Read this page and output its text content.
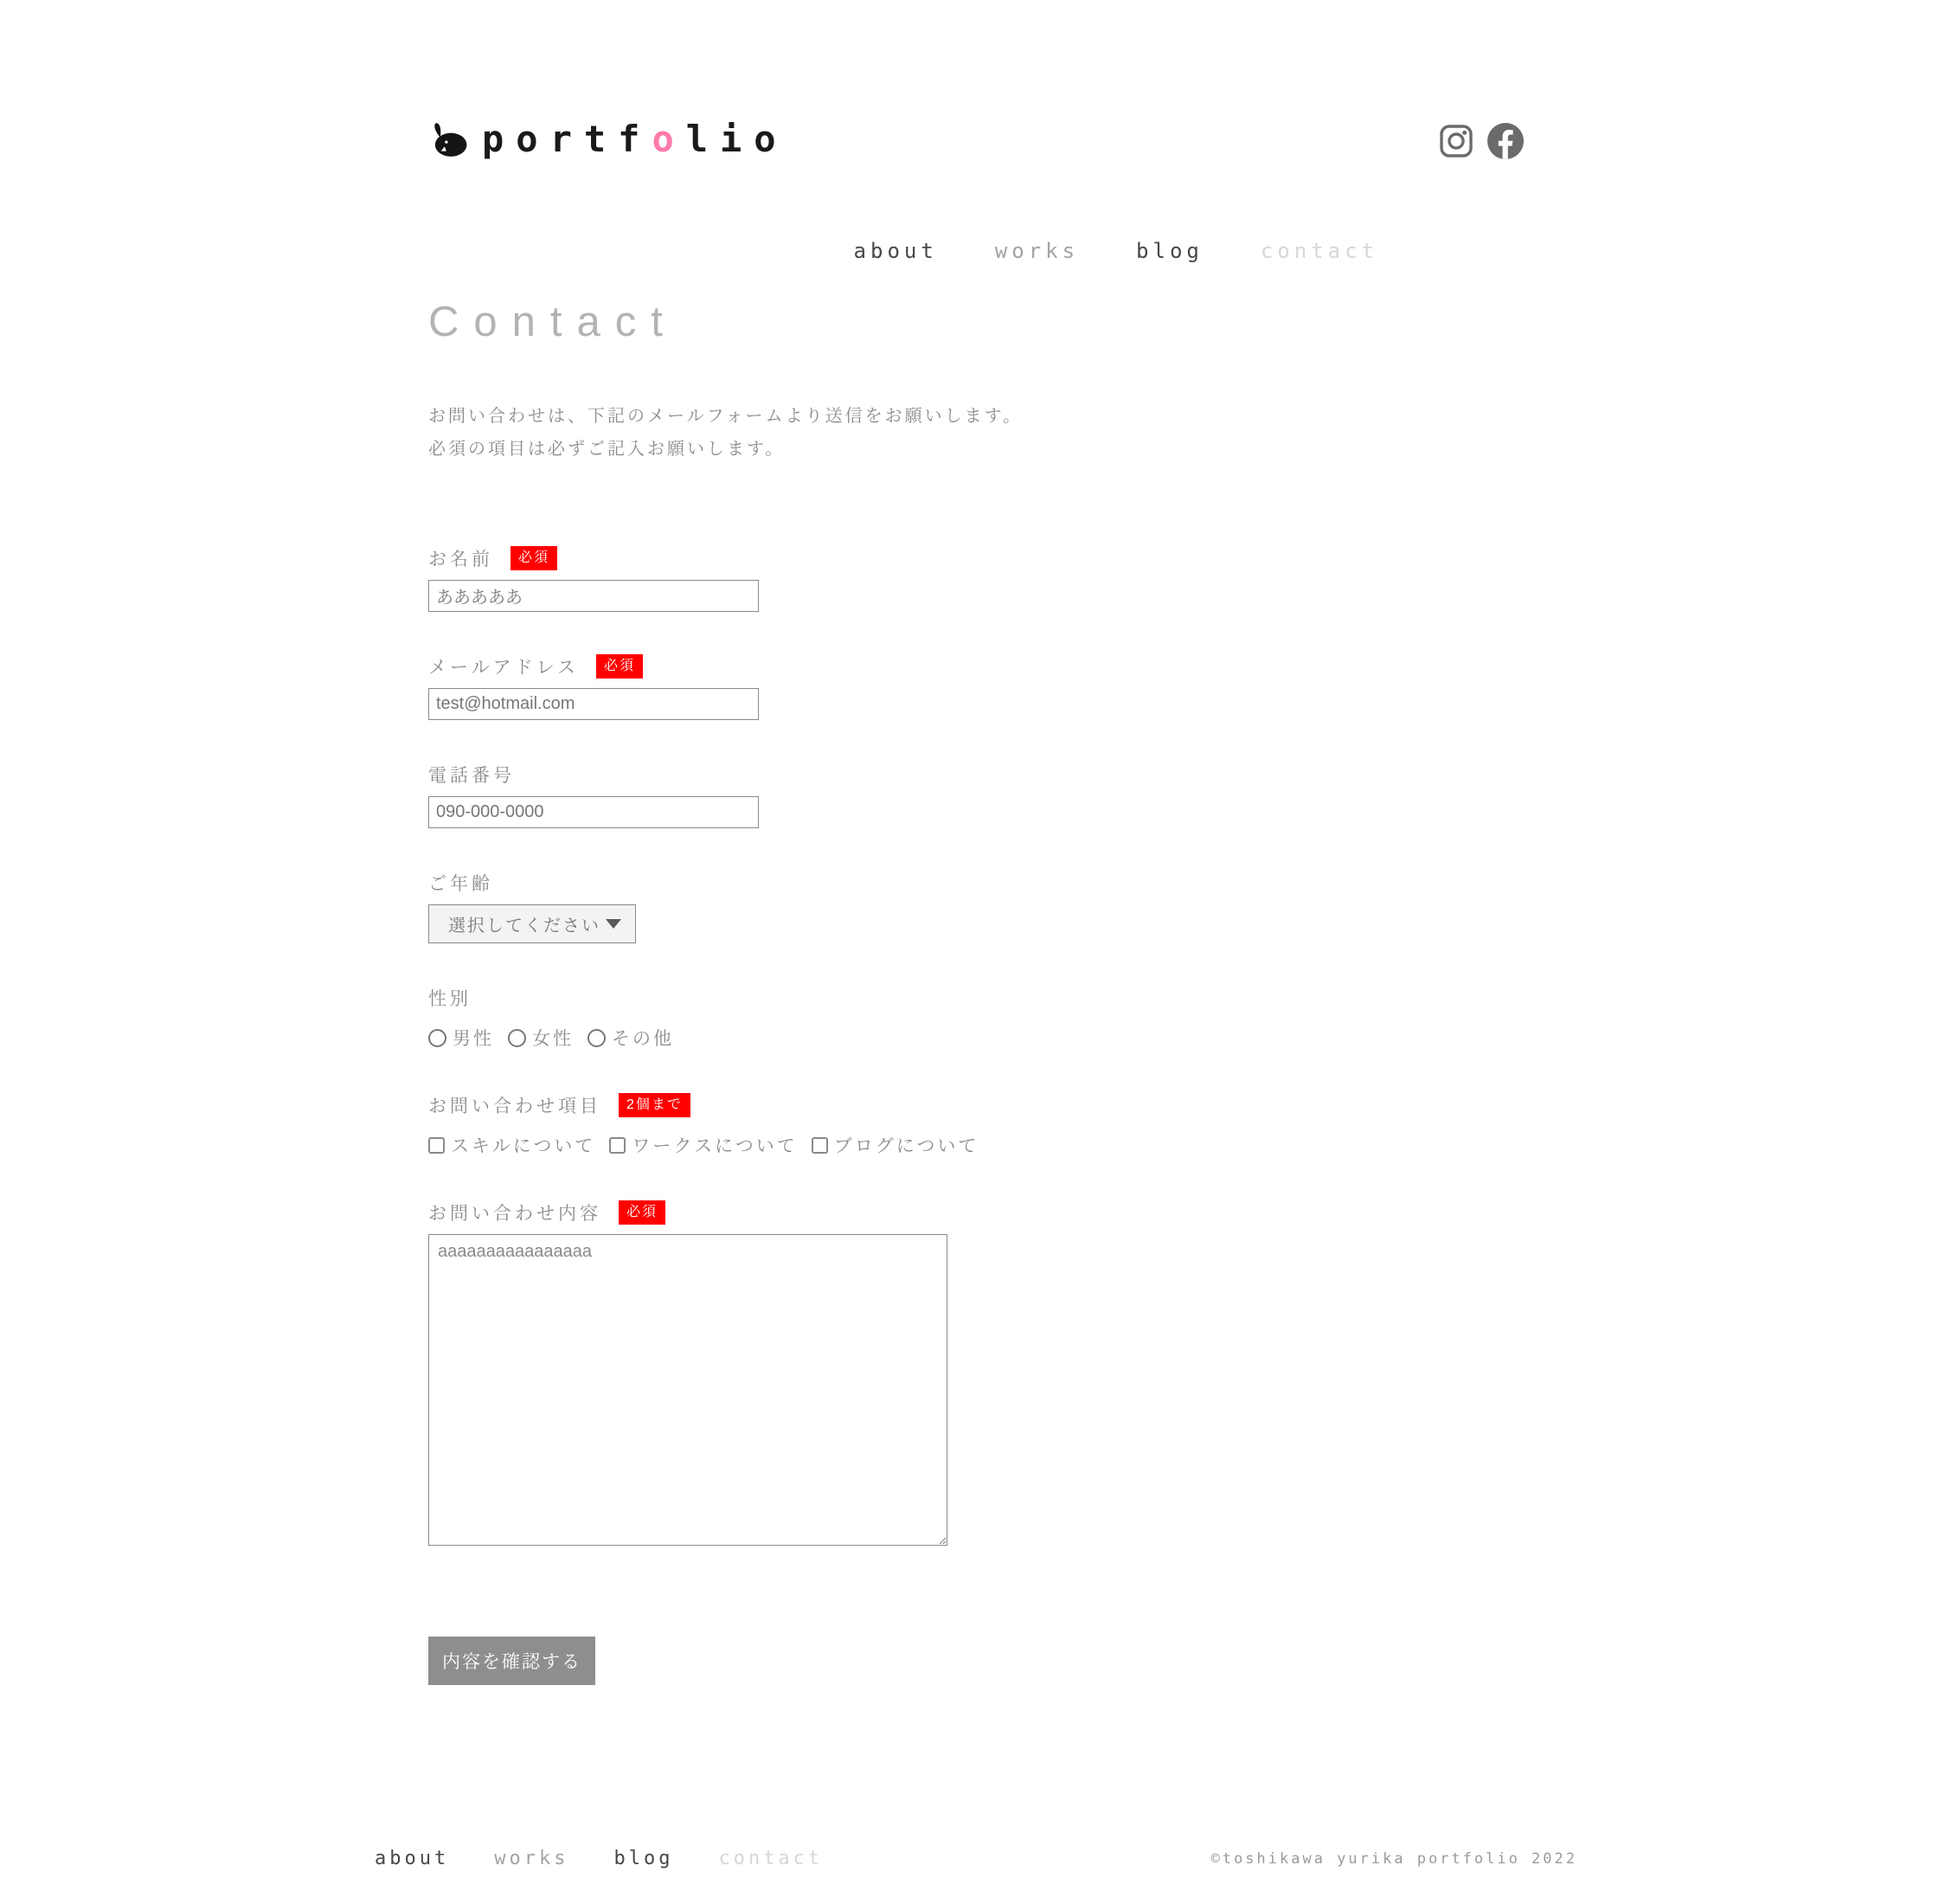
portfolio
about	works	blog	contact
Contact
お問い合わせは、下記のメールフォームより送信をお願いします。
必須の項目は必ずご記入お願いします。
お名前	必須
あああああ
メールアドレス	必須
test@hotmail.com
電話番号
090-000-0000
ご年齢
選択してください
性別
男性 女性 その他
お問い合わせ項目	2個まで
スキルについて ワークスについて ブログについて
お問い合わせ内容	必須
aaaaaaaaaaaaaaaa
内容を確認する
about works blog contact	©toshikawa yurika portfolio 2022
